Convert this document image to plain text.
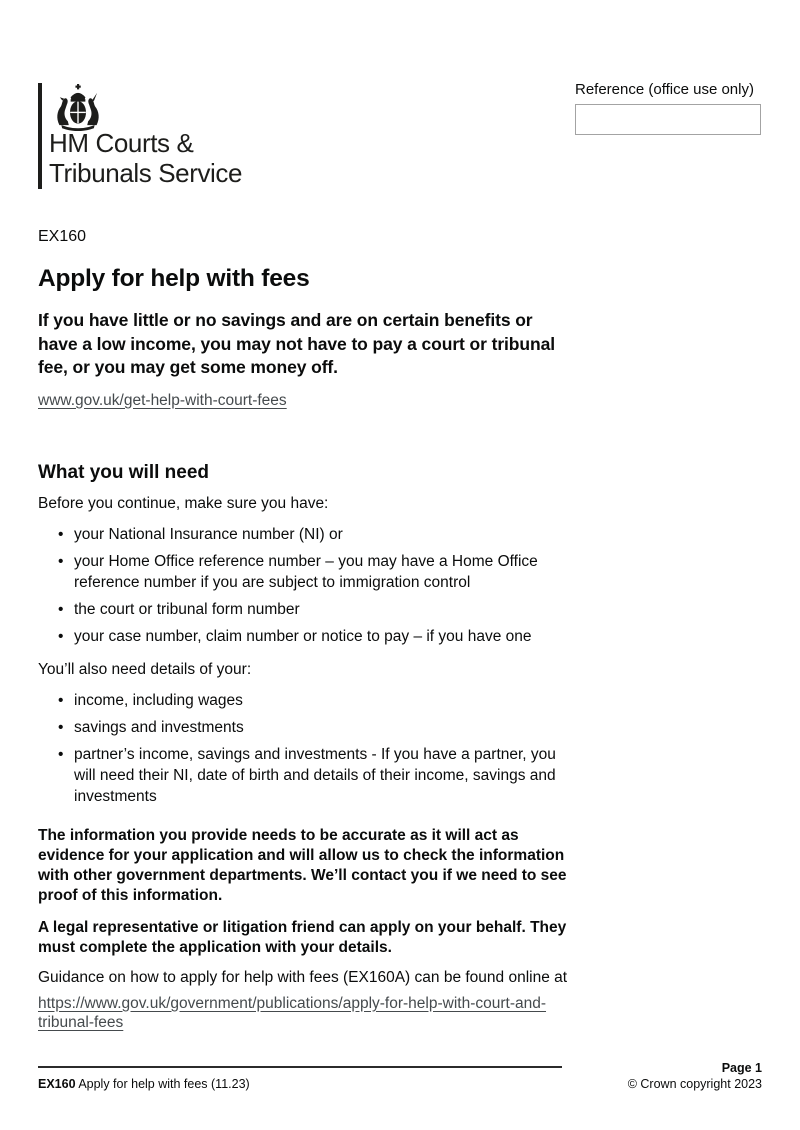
HM Courts &
Tribunals Service
Reference (office use only)

EX160

Apply for help with fees

If you have little or no savings and are on certain benefits or have a low income, you may not have to pay a court or tribunal fee, or you may get some money off.

www.gov.uk/get-help-with-court-fees
What you will need

Before you continue, make sure you have:

• your National Insurance number (NI) or
• your Home Office reference number – you may have a Home Office reference number if you are subject to immigration control
• the court or tribunal form number
• your case number, claim number or notice to pay – if you have one

You’ll also need details of your:

• income, including wages
• savings and investments
• partner’s income, savings and investments - If you have a partner, you will need their NI, date of birth and details of their income, savings and investments

The information you provide needs to be accurate as it will act as evidence for your application and will allow us to check the information with other government departments. We’ll contact you if we need to see proof of this information.

A legal representative or litigation friend can apply on your behalf. They must complete the application with your details.

Guidance on how to apply for help with fees (EX160A) can be found online at

https://www.gov.uk/government/publications/apply-for-help-with-court-and-tribunal-fees
EX160 Apply for help with fees (11.23)
Page 1
© Crown copyright 2023
